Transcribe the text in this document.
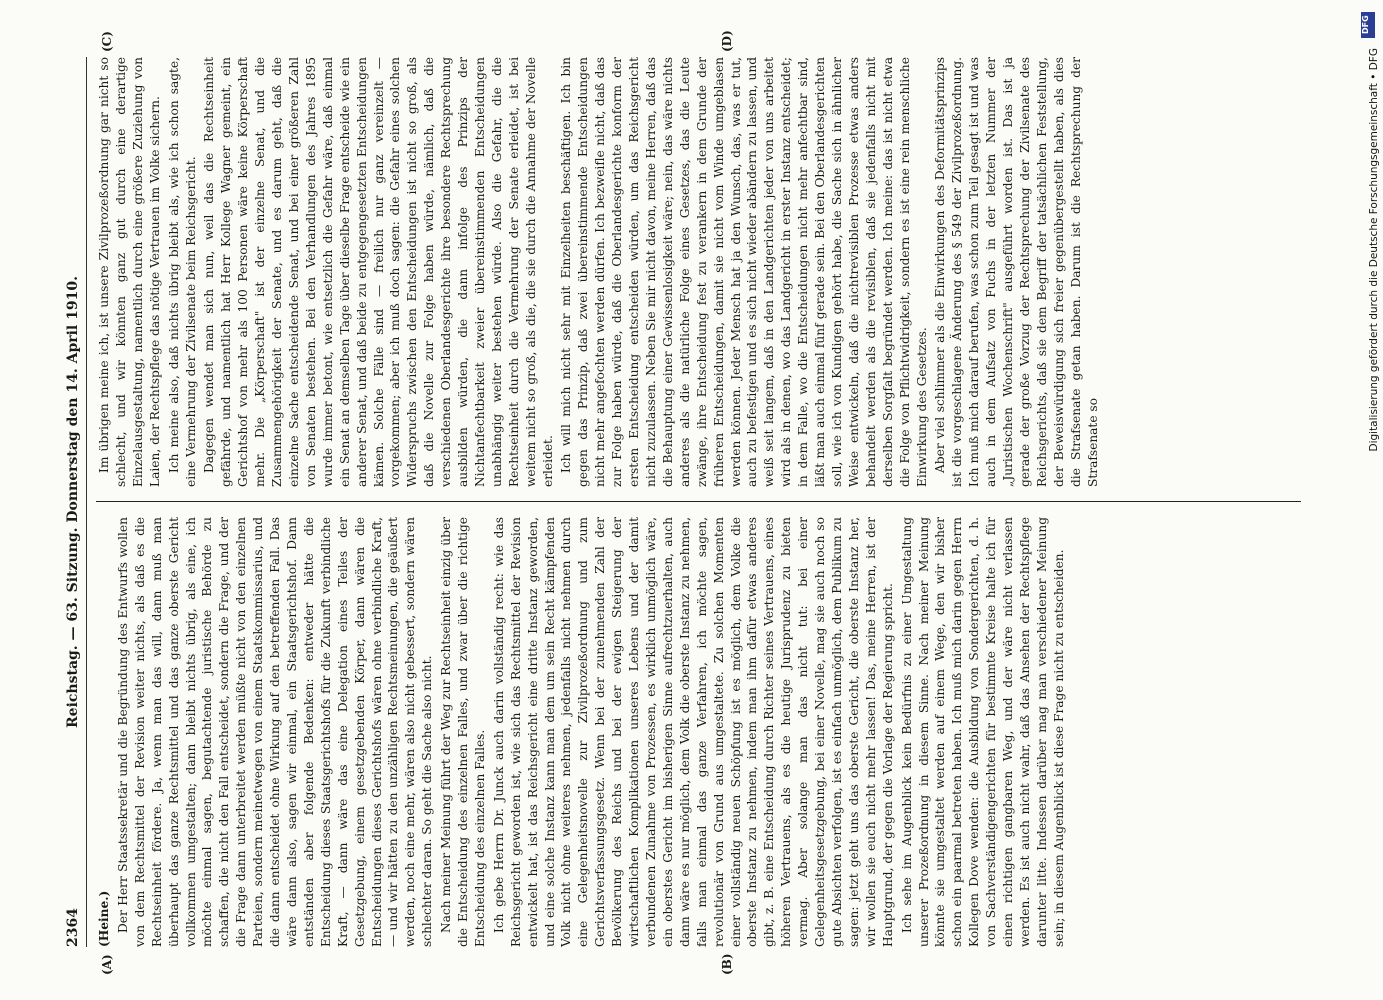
2364
Reichstag. — 63. Sitzung. Donnerstag den 14. April 1910.
(A)	(B)
(C)	(D)

(Heine.) Der Herr Staatssekretär und die Begründung des Entwurfs wollen von dem Rechtsmittel der Revision weiter nichts, als daß es die Rechtseinheit fördere. Ja, wenn man das will, dann muß man überhaupt das ganze Rechtsmittel und das ganze oberste Gericht vollkommen umgestalten; dann bleibt nichts übrig, als eine, ich möchte einmal sagen, begutachtende juristische Behörde zu schaffen, die nicht den Fall entscheidet, sondern die Frage, und der die Frage dann unterbreitet werden müßte nicht von den einzelnen Parteien, sondern meinetwegen von einem Staatskommissarius, und die dann entscheidet ohne Wirkung auf den betreffenden Fall. Das wäre dann also, sagen wir einmal, ein Staatsgerichtshof. Dann entständen aber folgende Bedenken: entweder hätte die Entscheidung dieses Staatsgerichtshofs für die Zukunft verbindliche Kraft, — dann wäre das eine Delegation eines Teiles der Gesetzgebung, einem gesetzgebenden Körper, dann wären die Entscheidungen dieses Gerichtshofs wären ohne verbindliche Kraft, — und wir hätten zu den unzähligen Rechtsmeinungen, die geäußert werden, noch eine mehr, wären also nicht gebessert, sondern wären schlechter daran. So geht die Sache also nicht. Nach meiner Meinung führt der Weg zur Rechtseinheit einzig über die Entscheidung des einzelnen Falles, und zwar über die richtige Entscheidung des einzelnen Falles. Ich gebe Herrn Dr. Junck auch darin vollständig recht: wie das Reichsgericht geworden ist, wie sich das Rechtsmittel der Revision entwickelt hat, ist das Reichsgericht eine dritte Instanz geworden, und eine solche Instanz kann man dem um sein Recht kämpfenden Volk nicht ohne weiteres nehmen, jedenfalls nicht nehmen durch eine Gelegenheitsnovelle zur Zivilprozeßordnung und zum Gerichtsverfassungsgesetz. Wenn bei der zunehmenden Zahl der Bevölkerung des Reichs und bei der ewigen Steigerung der wirtschaftlichen Komplikationen unseres Lebens und der damit verbundenen Zunahme von Prozessen, es wirklich unmöglich wäre, ein oberstes Gericht im bisherigen Sinne aufrechtzuerhalten, auch dann wäre es nur möglich, dem Volk die oberste Instanz zu nehmen, falls man einmal das ganze Verfahren, ich möchte sagen, revolutionär von Grund aus umgestaltete. Zu solchen Momenten einer vollständig neuen Schöpfung ist es möglich, dem Volke die oberste Instanz zu nehmen, indem man ihm dafür etwas anderes gibt, z. B. eine Entscheidung durch Richter seines Vertrauens, eines höheren Vertrauens, als es die heutige Jurisprudenz zu bieten vermag. Aber solange man das nicht tut: bei einer Gelegenheitsgesetzgebung, bei einer Novelle, mag sie auch noch so gute Absichten verfolgen, ist es einfach unmöglich, dem Publikum zu sagen: jetzt geht uns das oberste Gericht, die oberste Instanz her, wir wollen sie euch nicht mehr lassen! Das, meine Herren, ist der Hauptgrund, der gegen die Vorlage der Regierung spricht. Ich sehe im Augenblick kein Bedürfnis zu einer Umgestaltung unserer Prozeßordnung in diesem Sinne. Nach meiner Meinung könnte sie umgestaltet werden auf einem Wege, den wir bisher schon ein paarmal betreten haben. Ich muß mich darin gegen Herrn Kollegen Dove wenden: die Ausbildung von Sondergerichten, d. h. von Sachverständigengerichten für bestimmte Kreise halte ich für einen richtigen gangbaren Weg, und der wäre nicht verlassen werden. Es ist auch nicht wahr, daß das Ansehen der Rechtspflege darunter litte. Indessen darüber mag man verschiedener Meinung sein; in diesem Augenblick ist diese Frage nicht zu entscheiden.

Im übrigen meine ich, ist unsere Zivilprozeßordnung gar nicht so schlecht, und wir könnten ganz gut durch eine derartige Einzelausgestaltung, namentlich durch eine größere Zuziehung von Laien, der Rechtspflege das nötige Vertrauen im Volke sichern. Ich meine also, daß nichts übrig bleibt als, wie ich schon sagte, eine Vermehrung der Zivilsenate beim Reichsgericht. Dagegen wendet man sich nun, weil das die Rechtseinheit gefährde, und namentlich hat Herr Kollege Wagner gemeint, ein Gerichtshof von mehr als 100 Personen wäre keine Körperschaft mehr. Die „Körperschaft" ist der einzelne Senat, und die Zusammengehörigkeit der Senate, und es darum geht, daß die einzelne Sache entscheidende Senat, und bei einer größeren Zahl von Senaten bestehen. Bei den Verhandlungen des Jahres 1895 wurde immer betont, wie entsetzlich die Gefahr wäre, daß einmal ein Senat an demselben Tage über dieselbe Frage entscheide wie ein anderer Senat, und daß beide zu entgegengesetzten Entscheidungen kämen. Solche Fälle sind — freilich nur ganz vereinzelt — vorgekommen; aber ich muß doch sagen: die Gefahr eines solchen Widerspruchs zwischen den Entscheidungen ist nicht so groß, als daß die Novelle zur Folge haben würde, nämlich, daß die verschiedenen Oberlandesgerichte ihre besondere Rechtsprechung ausbilden würden, die dann infolge des Prinzips der Nichtanfechtbarkeit zweier übereinstimmenden Entscheidungen unabhängig weiter bestehen würde. Also die Gefahr, die die Rechtseinheit durch die Vermehrung der Senate erleidet, ist bei weitem nicht so groß, als die, die sie durch die Annahme der Novelle erleidet. Ich will mich nicht sehr mit Einzelheiten beschäftigen. Ich bin gegen das Prinzip, daß zwei übereinstimmende Entscheidungen nicht mehr angefochten werden dürfen. Ich bezweifle nicht, daß das zur Folge haben würde, daß die Oberlandesgerichte konform der ersten Entscheidung entscheiden würden, um das Reichsgericht nicht zuzulassen. Neben Sie mir nicht davon, meine Herren, daß das die Behauptung einer Gewissenlosigkeit wäre; nein, das wäre nichts anderes als die natürliche Folge eines Gesetzes, das die Leute zwänge, ihre Entscheidung fest zu verankern in dem Grunde der früheren Entscheidungen, damit sie nicht vom Winde umgeblasen werden können. Jeder Mensch hat ja den Wunsch, das, was er tut, auch zu befestigen und es sich nicht wieder abändern zu lassen, und weiß seit langem, daß in den Landgerichten jeder von uns arbeitet wird als in denen, wo das Landgericht in erster Instanz entscheidet; in dem Falle, wo die Entscheidungen nicht mehr anfechtbar sind, läßt man auch einmal fünf gerade sein. Bei den Oberlandesgerichten soll, wie ich von Kundigen gehört habe, die Sache sich in ähnlicher Weise entwickeln, daß die nichtrevisiblen Prozesse etwas anders behandelt werden als die revisiblen, daß sie jedenfalls nicht mit derselben Sorgfalt begründet werden. Ich meine: das ist nicht etwa die Folge von Pflichtwidrigkeit, sondern es ist eine rein menschliche Einwirkung des Gesetzes. Aber viel schlimmer als die Einwirkungen des Deformitätsprinzips ist die vorgeschlagene Änderung des § 549 der Zivilprozeßordnung. Ich muß mich darauf berufen, was schon zum Teil gesagt ist und was auch in dem Aufsatz von Fuchs in der letzten Nummer der „Juristischen Wochenschrift" ausgeführt worden ist. Das ist ja gerade der große Vorzug der Rechtsprechung der Zivilsenate des Reichsgerichts, daß sie dem Begriff der tatsächlichen Feststellung, der Beweiswürdigung sich freier gegenübergestellt haben, als dies die Strafsenate getan haben. Darum ist die Rechtsprechung der Strafsenate so

DFG
Digitalisierung gefördert durch die Deutsche Forschungsgemeinschaft • DFG
